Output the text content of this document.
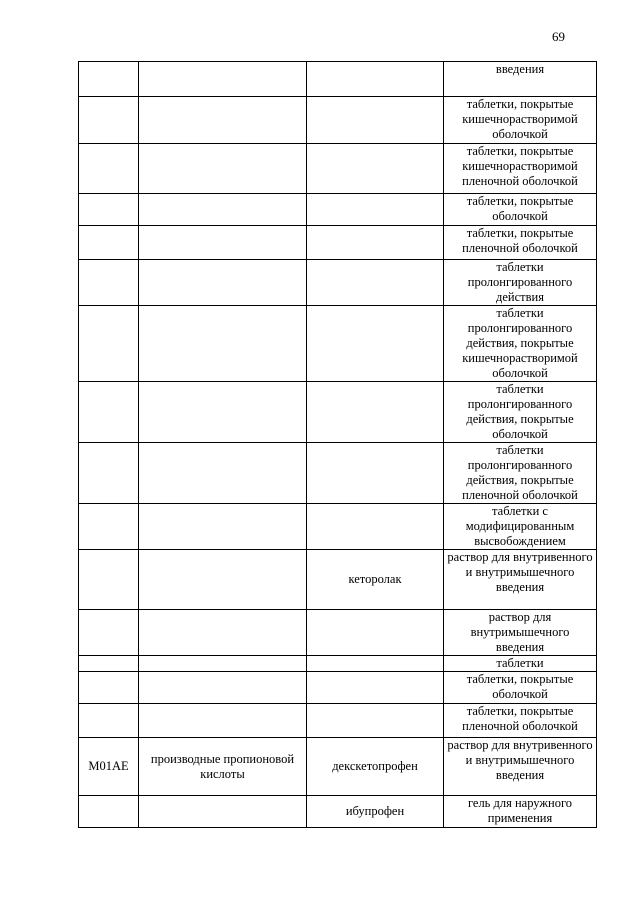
69
			введения
			таблетки, покрытые кишечнорастворимой оболочкой
			таблетки, покрытые кишечнорастворимой пленочной оболочкой
			таблетки, покрытые оболочкой
			таблетки, покрытые пленочной оболочкой
			таблетки пролонгированного действия
			таблетки пролонгированного действия, покрытые кишечнорастворимой оболочкой
			таблетки пролонгированного действия, покрытые оболочкой
			таблетки пролонгированного действия, покрытые пленочной оболочкой
			таблетки с модифицированным высвобождением
		кеторолак	раствор для внутривенного и внутримышечного введения
			раствор для внутримышечного введения
			таблетки
			таблетки, покрытые оболочкой
			таблетки, покрытые пленочной оболочкой
M01AE	производные пропионовой кислоты	декскетопрофен	раствор для внутривенного и внутримышечного введения
		ибупрофен	гель для наружного применения
